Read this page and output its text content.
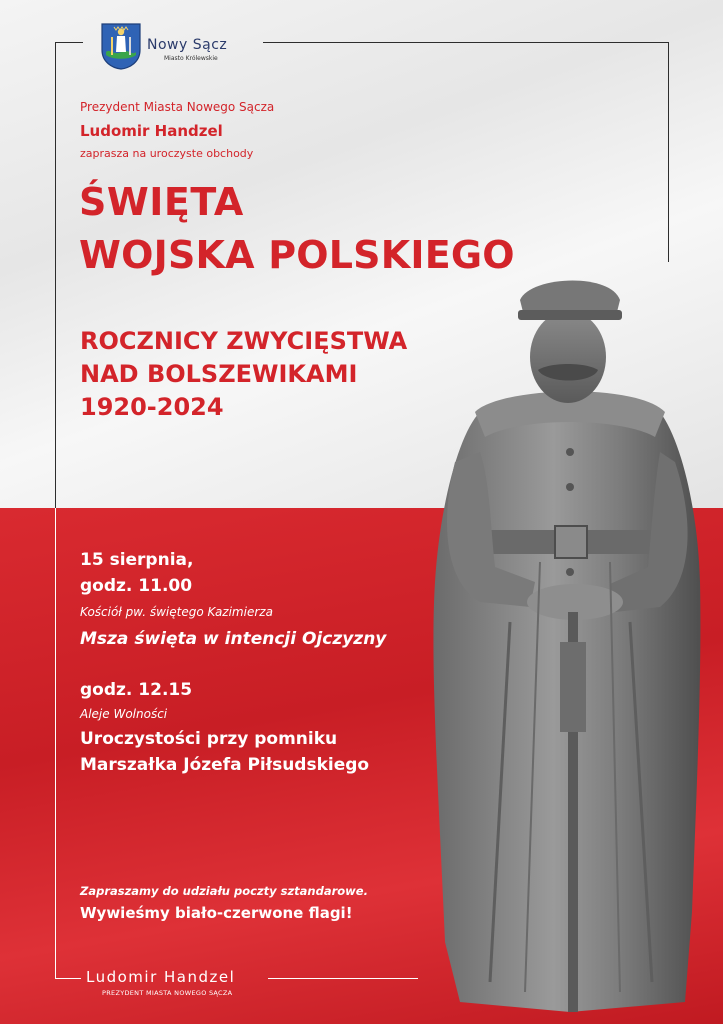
Nowy Sącz
Miasto Królewskie

Prezydent Miasta Nowego Sącza

Ludomir Handzel

zaprasza na uroczyste obchody

ŚWIĘTA
WOJSKA POLSKIEGO
ROCZNICY ZWYCIĘSTWA
NAD BOLSZEWIKAMI
1920-2024

15 sierpnia,

godz. 11.00

Kościół pw. świętego Kazimierza

Msza święta w intencji Ojczyzny

godz. 12.15

Aleje Wolności

Uroczystości przy pomniku

Marszałka Józefa Piłsudskiego

Zapraszamy do udziału poczty sztandarowe.

Wywieśmy biało-czerwone flagi!

Ludomir Handzel

PREZYDENT MIASTA NOWEGO SĄCZA
